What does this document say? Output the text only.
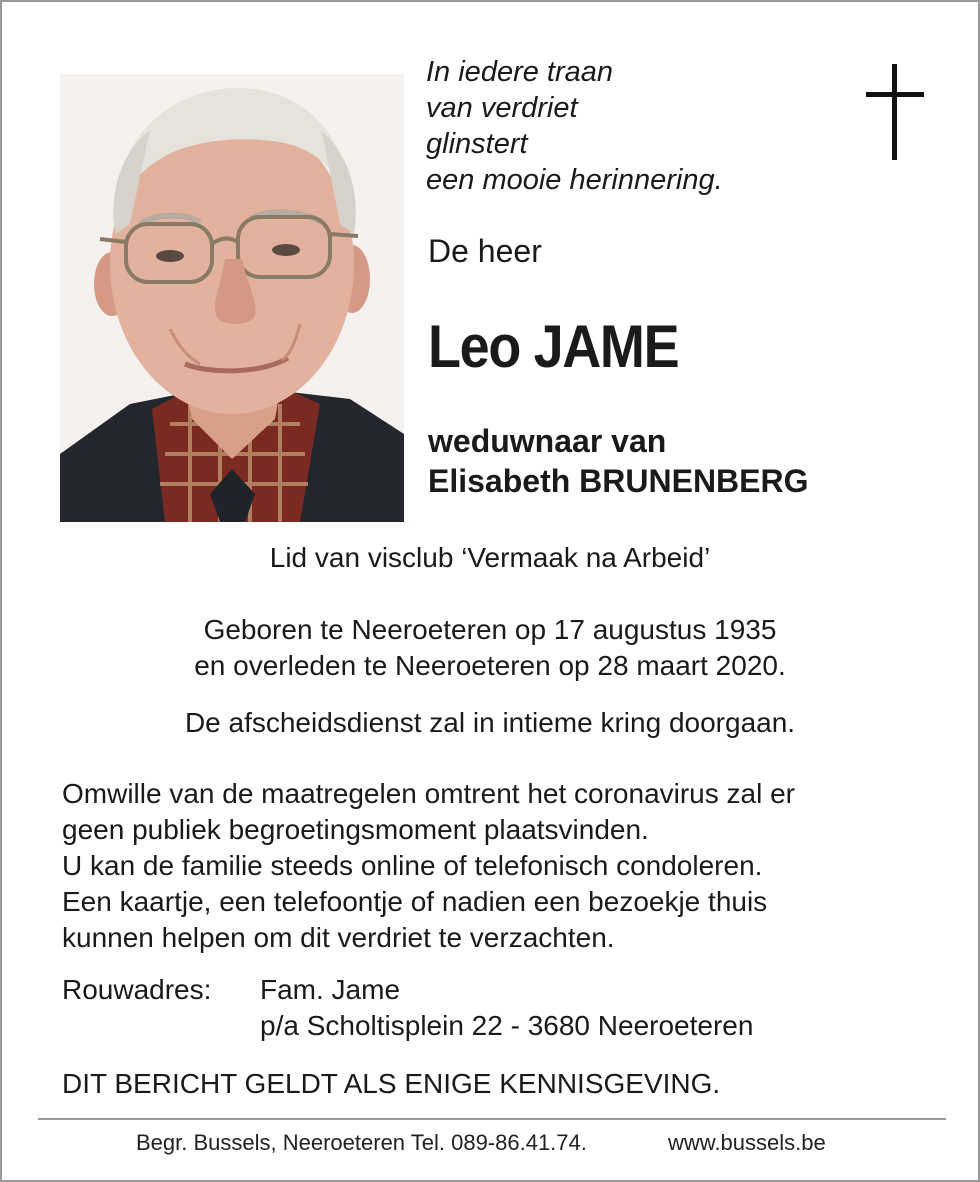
In iedere traan
van verdriet
glinstert
een mooie herinnering.
De heer
Leo JAME
weduwnaar van
Elisabeth BRUNENBERG
Lid van visclub ‘Vermaak na Arbeid’
Geboren te Neeroeteren op 17 augustus 1935
en overleden te Neeroeteren op 28 maart 2020.
De afscheidsdienst zal in intieme kring doorgaan.
Omwille van de maatregelen omtrent het coronavirus zal er
geen publiek begroetingsmoment plaatsvinden.
U kan de familie steeds online of telefonisch condoleren.
Een kaartje, een telefoontje of nadien een bezoekje thuis
kunnen helpen om dit verdriet te verzachten.
Rouwadres: Fam. Jame
p/a Scholtisplein 22 - 3680 Neeroeteren
DIT BERICHT GELDT ALS ENIGE KENNISGEVING.
Begr. Bussels, Neeroeteren Tel. 089-86.41.74.	www.bussels.be
